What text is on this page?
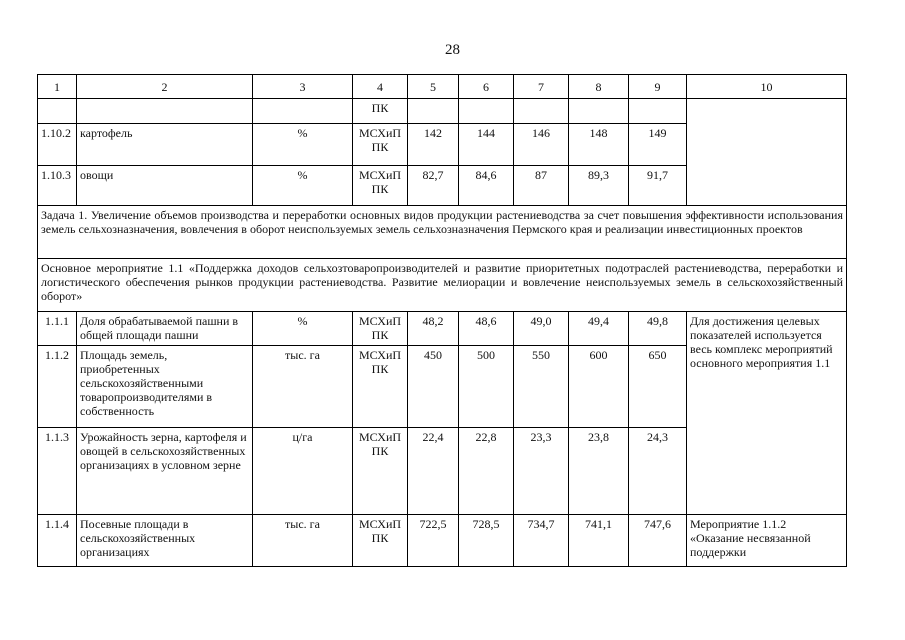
28
1	2	3	4	5	6	7	8	9	10
			ПК						
1.10.2	картофель	%	МСХиП ПК	142	144	146	148	149	
1.10.3	овощи	%	МСХиП ПК	82,7	84,6	87	89,3	91,7	
Задача 1. Увеличение объемов производства и переработки основных видов продукции растениеводства за счет повышения эффективности использования земель сельхозназначения, вовлечения в оборот неиспользуемых земель сельхозназначения Пермского края и реализации инвестиционных проектов									
Основное мероприятие 1.1 «Поддержка доходов сельхозтоваропроизводителей и развитие приоритетных подотраслей растениеводства, переработки и логистического обеспечения рынков продукции растениеводства. Развитие мелиорации и вовлечение неиспользуемых земель в сельскохозяйственный оборот»									
1.1.1	Доля обрабатываемой пашни в общей площади пашни	%	МСХиП ПК	48,2	48,6	49,0	49,4	49,8	Для достижения целевых показателей используется весь комплекс мероприятий основного мероприятия 1.1
1.1.2	Площадь земель, приобретенных сельскохозяйственными товаропроизводителями в собственность	тыс. га	МСХиП ПК	450	500	550	600	650	
1.1.3	Урожайность зерна, картофеля и овощей в сельскохозяйственных организациях в условном зерне	ц/га	МСХиП ПК	22,4	22,8	23,3	23,8	24,3	
1.1.4	Посевные площади в сельскохозяйственных организациях	тыс. га	МСХиП ПК	722,5	728,5	734,7	741,1	747,6	Мероприятие 1.1.2 «Оказание несвязанной поддержки
